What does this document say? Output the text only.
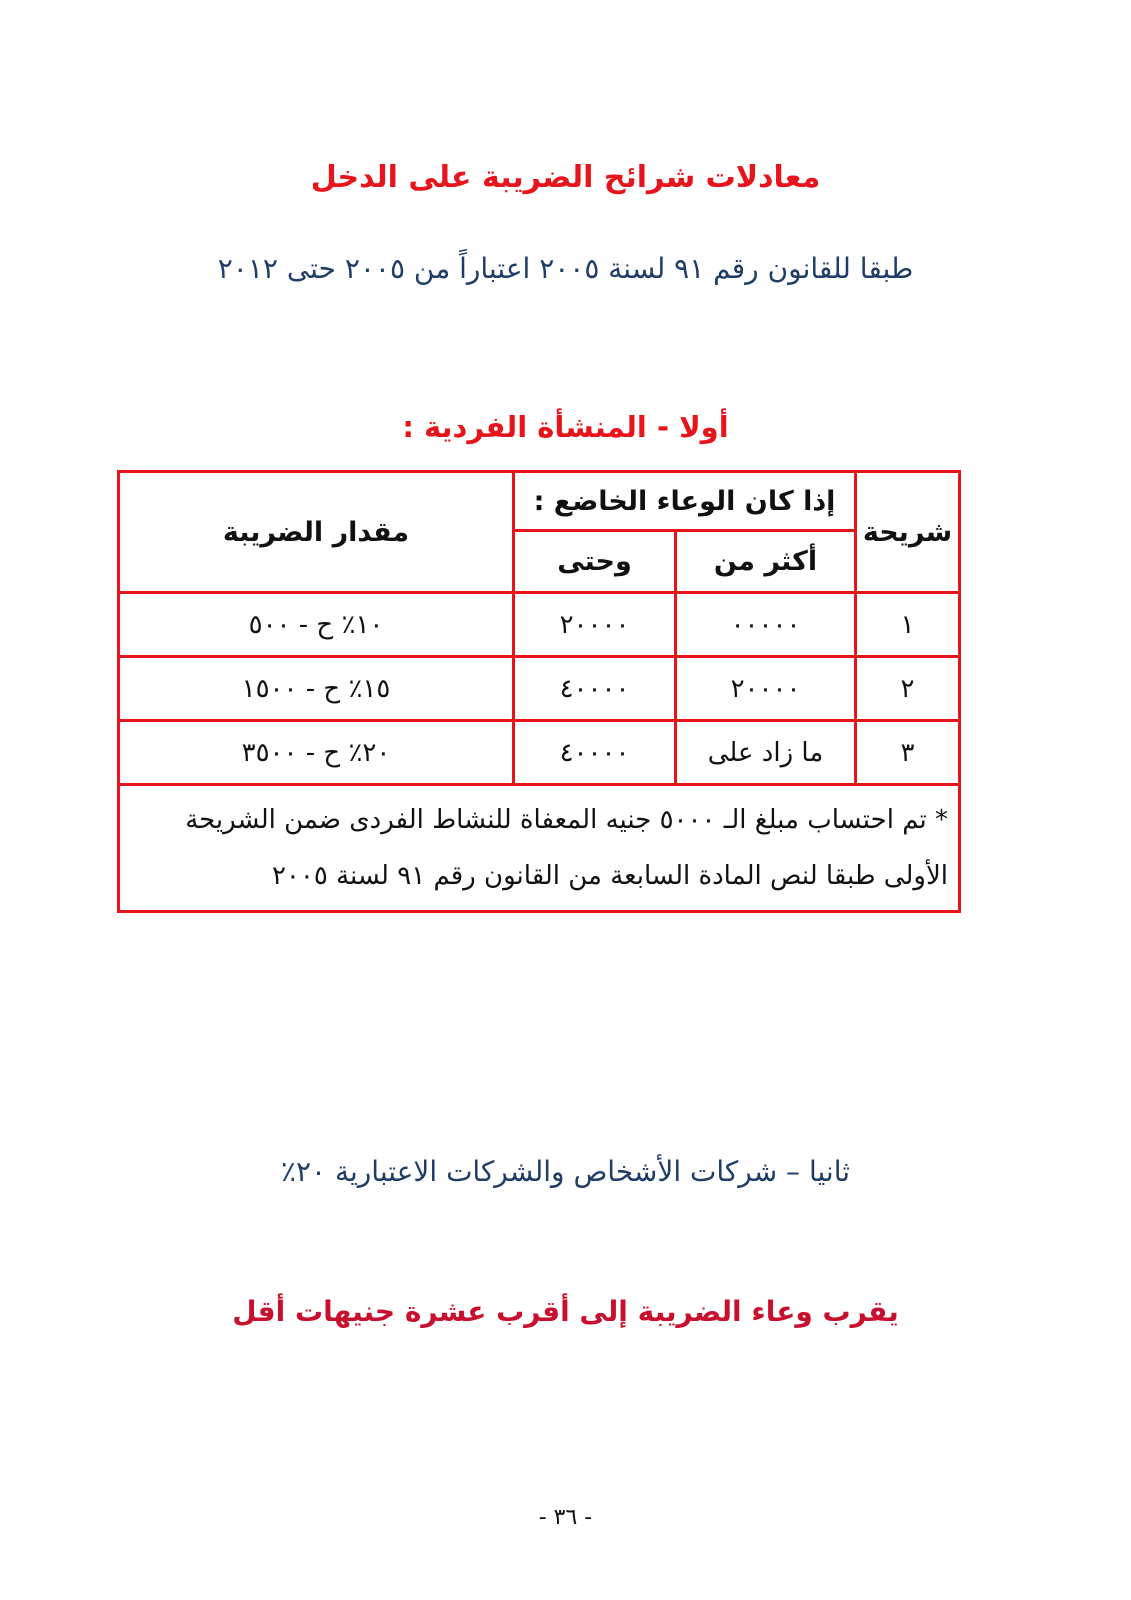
معادلات شرائح الضريبة على الدخل
طبقا للقانون رقم ٩١ لسنة ٢٠٠٥ اعتباراً من ٢٠٠٥ حتى ٢٠١٢
أولا - المنشأة الفردية :
شريحة	إذا كان الوعاء الخاضع :		مقدار الضريبة
	أكثر من	وحتى	
١	٠٠٠٠٠	٢٠٠٠٠	١٠٪ ح - ٥٠٠
٢	٢٠٠٠٠	٤٠٠٠٠	١٥٪ ح - ١٥٠٠
٣	ما زاد على	٤٠٠٠٠	٢٠٪ ح - ٣٥٠٠
* تم احتساب مبلغ الـ ٥٠٠٠ جنيه المعفاة للنشاط الفردى ضمن الشريحة الأولى طبقا لنص المادة السابعة من القانون رقم ٩١ لسنة ٢٠٠٥			
ثانيا – شركات الأشخاص والشركات الاعتبارية ٢٠٪
يقرب وعاء الضريبة إلى أقرب عشرة جنيهات أقل
- ٣٦ -
